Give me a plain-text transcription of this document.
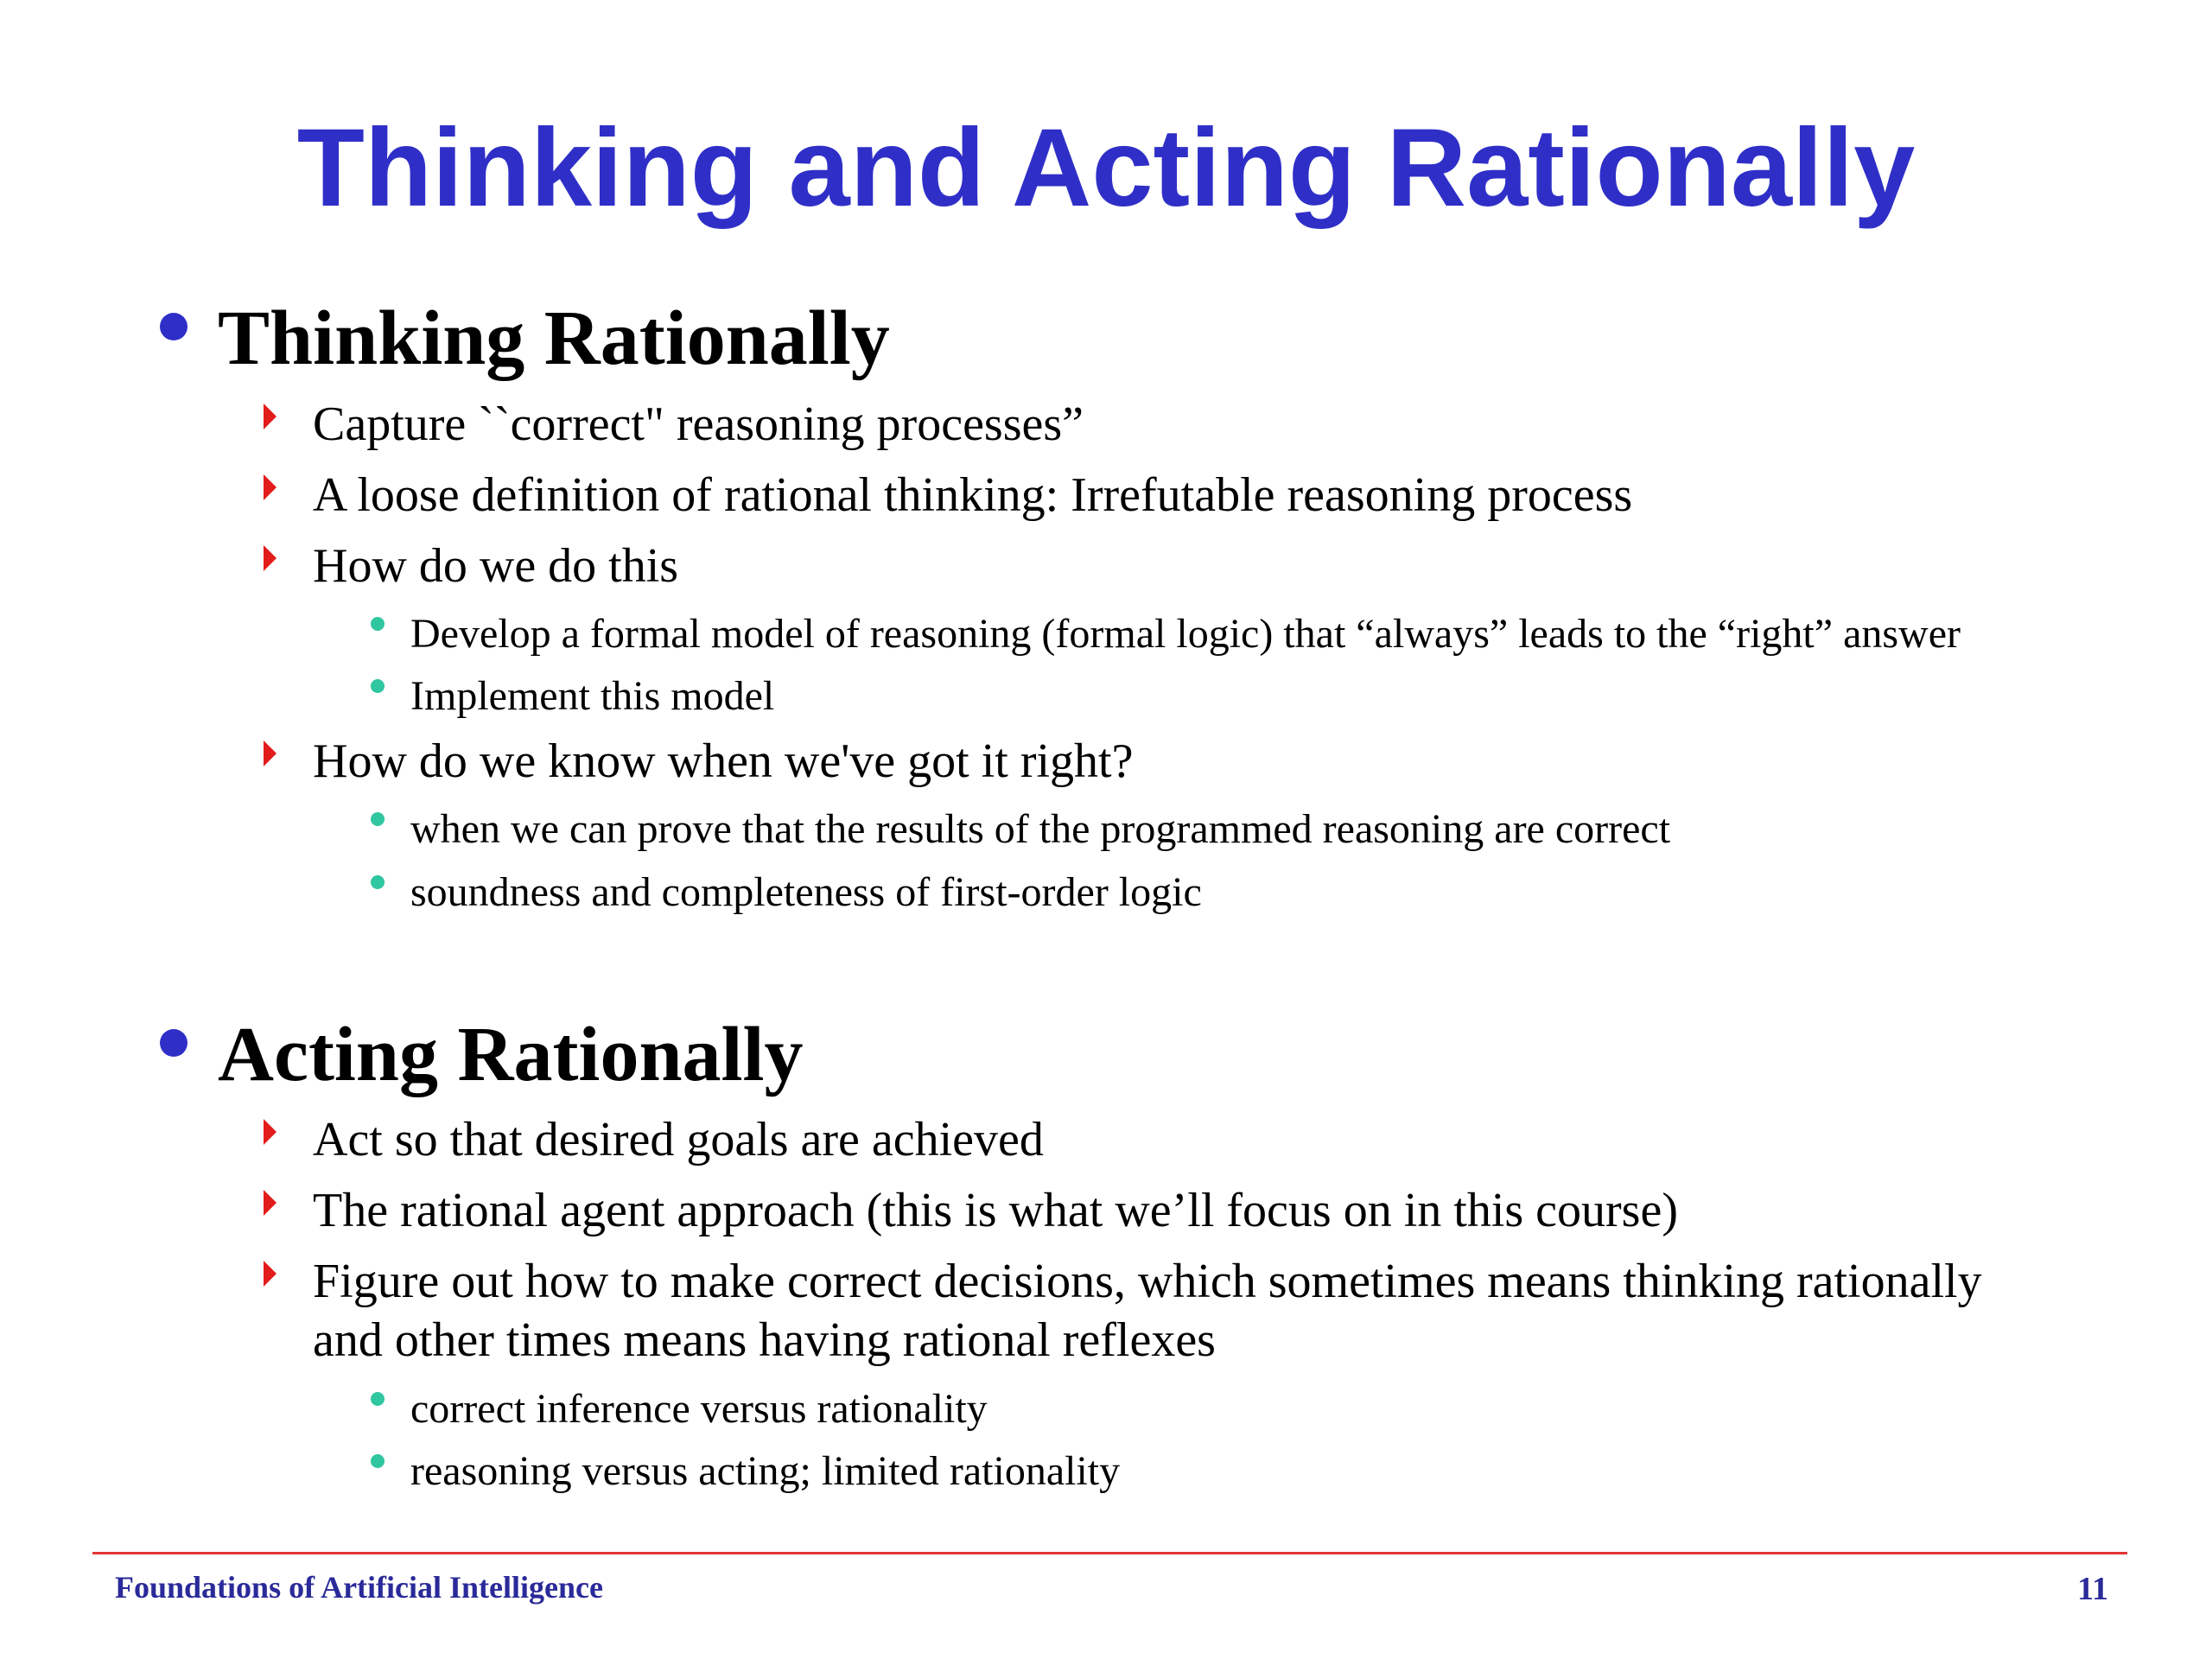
Thinking and Acting Rationally
Thinking Rationally
Capture ``correct" reasoning processes”
A loose definition of rational thinking: Irrefutable reasoning process
How do we do this
Develop a formal model of reasoning (formal logic) that “always” leads to the “right” answer
Implement this model
How do we know when we've got it right?
when we can prove that the results of the programmed reasoning are correct
soundness and completeness of first-order logic
Acting Rationally
Act so that desired goals are achieved
The rational agent approach (this is what we’ll focus on in this course)
Figure out how to make correct decisions, which sometimes means thinking rationally
and other times means having rational reflexes
correct inference versus rationality
reasoning versus acting; limited rationality
Foundations of Artificial Intelligence	11
